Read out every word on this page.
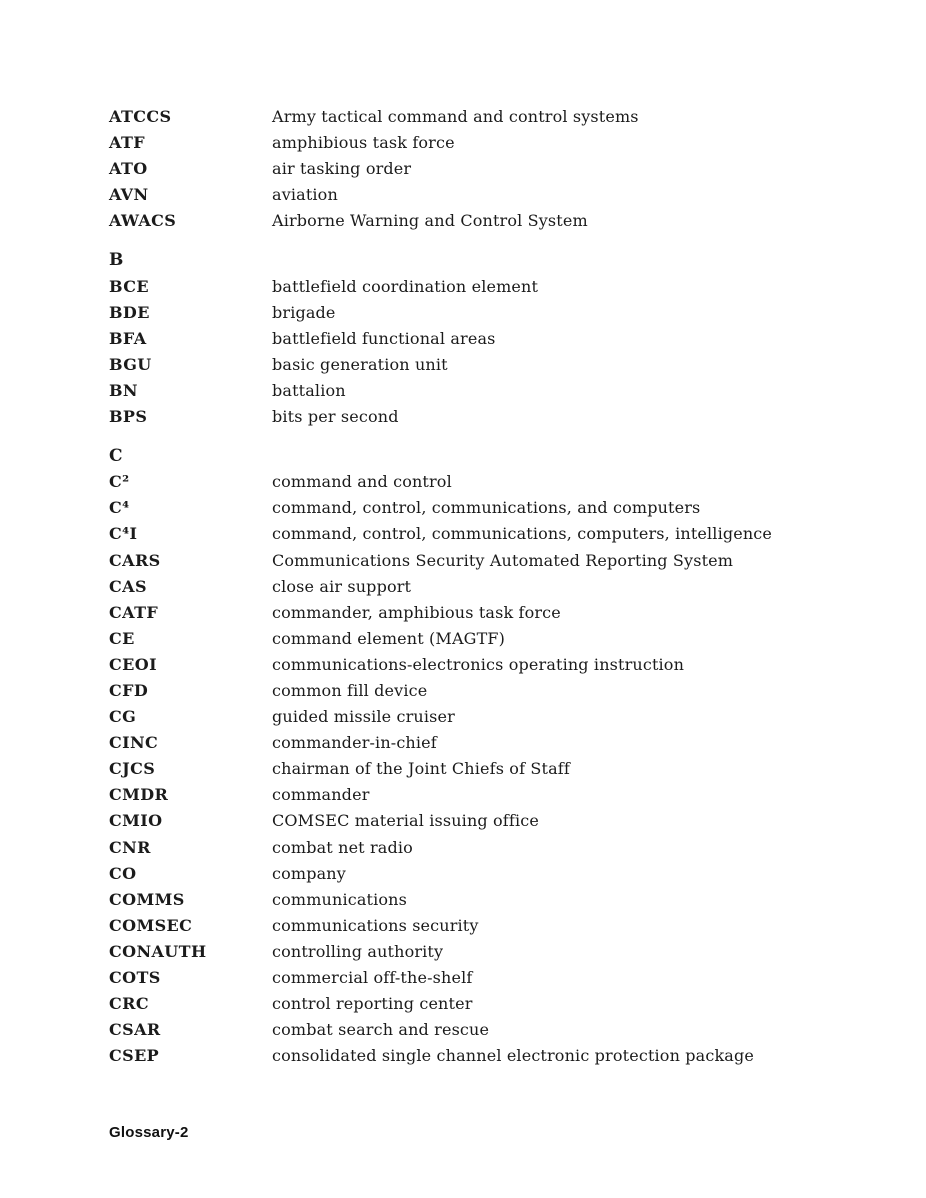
ATCCS	Army tactical command and control systems
ATF	amphibious task force
ATO	air tasking order
AVN	aviation
AWACS	Airborne Warning and Control System
B
BCE	battlefield coordination element
BDE	brigade
BFA	battlefield functional areas
BGU	basic generation unit
BN	battalion
BPS	bits per second
C
C²	command and control
C⁴	command, control, communications, and computers
C⁴I	command, control, communications, computers, intelligence
CARS	Communications Security Automated Reporting System
CAS	close air support
CATF	commander, amphibious task force
CE	command element (MAGTF)
CEOI	communications-electronics operating instruction
CFD	common fill device
CG	guided missile cruiser
CINC	commander-in-chief
CJCS	chairman of the Joint Chiefs of Staff
CMDR	commander
CMIO	COMSEC material issuing office
CNR	combat net radio
CO	company
COMMS	communications
COMSEC	communications security
CONAUTH	controlling authority
COTS	commercial off-the-shelf
CRC	control reporting center
CSAR	combat search and rescue
CSEP	consolidated single channel electronic protection package
Glossary-2
